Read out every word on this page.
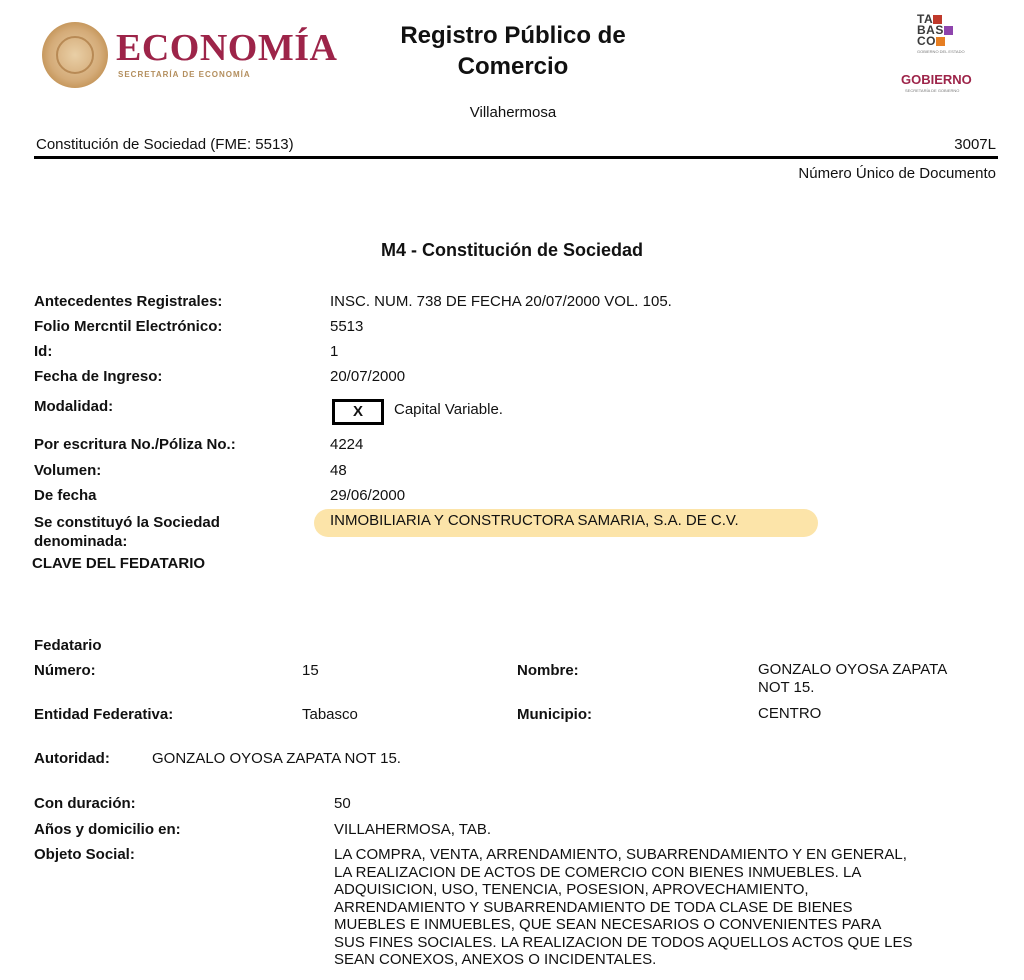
ECONOMÍA
SECRETARÍA DE ECONOMÍA
Registro Público de
Comercio
Villahermosa
TA
BAS
CO
GOBIERNO DEL ESTADO
GOBIERNO
SECRETARÍA DE GOBIERNO
Constitución de Sociedad (FME: 5513)	3007L
Número Único de Documento
M4 - Constitución de Sociedad
Antecedentes Registrales:	INSC. NUM. 738 DE FECHA 20/07/2000 VOL. 105.
Folio Mercntil Electrónico:	5513
Id:	1
Fecha de Ingreso:	20/07/2000
Modalidad:	X	Capital Variable.
Por escritura No./Póliza No.:	4224
Volumen:	48
De fecha	29/06/2000
Se constituyó la Sociedad
denominada:
INMOBILIARIA Y CONSTRUCTORA SAMARIA, S.A. DE C.V.
CLAVE DEL FEDATARIO
Fedatario
Número:	15	Nombre:	GONZALO OYOSA ZAPATA
NOT 15.
Entidad Federativa:	Tabasco	Municipio:	CENTRO
Autoridad:	GONZALO OYOSA ZAPATA NOT 15.
Con duración:	50
Años y domicilio en:	VILLAHERMOSA, TAB.
Objeto Social:	LA COMPRA, VENTA, ARRENDAMIENTO, SUBARRENDAMIENTO Y EN GENERAL,
LA REALIZACION DE ACTOS DE COMERCIO CON BIENES INMUEBLES. LA
ADQUISICION, USO, TENENCIA, POSESION, APROVECHAMIENTO,
ARRENDAMIENTO Y SUBARRENDAMIENTO DE TODA CLASE DE BIENES
MUEBLES E INMUEBLES, QUE SEAN NECESARIOS O CONVENIENTES PARA
SUS FINES SOCIALES. LA REALIZACION DE TODOS AQUELLOS ACTOS QUE LES
SEAN CONEXOS, ANEXOS O INCIDENTALES.
